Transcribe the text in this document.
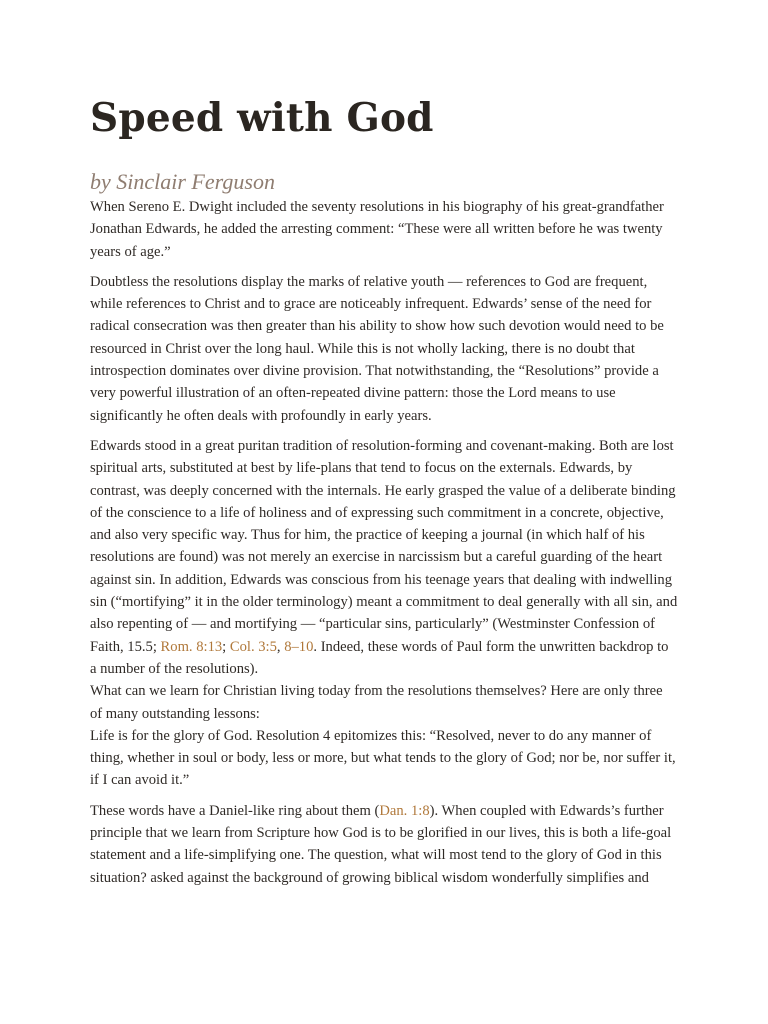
Speed with God
by Sinclair Ferguson

When Sereno E. Dwight included the seventy resolutions in his biography of his great-grandfather Jonathan Edwards, he added the arresting comment: “These were all written before he was twenty years of age.”

Doubtless the resolutions display the marks of relative youth — references to God are frequent, while references to Christ and to grace are noticeably infrequent. Edwards’ sense of the need for radical consecration was then greater than his ability to show how such devotion would need to be resourced in Christ over the long haul. While this is not wholly lacking, there is no doubt that introspection dominates over divine provision. That notwithstanding, the “Resolutions” provide a very powerful illustration of an often-repeated divine pattern: those the Lord means to use significantly he often deals with profoundly in early years.

Edwards stood in a great puritan tradition of resolution-forming and covenant-making. Both are lost spiritual arts, substituted at best by life-plans that tend to focus on the externals. Edwards, by contrast, was deeply concerned with the internals. He early grasped the value of a deliberate binding of the conscience to a life of holiness and of expressing such commitment in a concrete, objective, and also very specific way. Thus for him, the practice of keeping a journal (in which half of his resolutions are found) was not merely an exercise in narcissism but a careful guarding of the heart against sin. In addition, Edwards was conscious from his teenage years that dealing with indwelling sin (“mortifying” it in the older terminology) meant a commitment to deal generally with all sin, and also repenting of — and mortifying — “particular sins, particularly” (Westminster Confession of Faith, 15.5; Rom. 8:13; Col. 3:5, 8–10. Indeed, these words of Paul form the unwritten backdrop to a number of the resolutions).

What can we learn for Christian living today from the resolutions themselves? Here are only three of many outstanding lessons:

Life is for the glory of God. Resolution 4 epitomizes this: “Resolved, never to do any manner of thing, whether in soul or body, less or more, but what tends to the glory of God; nor be, nor suffer it, if I can avoid it.”

These words have a Daniel-like ring about them (Dan. 1:8). When coupled with Edwards’s further principle that we learn from Scripture how God is to be glorified in our lives, this is both a life-goal statement and a life-simplifying one. The question, what will most tend to the glory of God in this situation? asked against the background of growing biblical wisdom wonderfully simplifies and
